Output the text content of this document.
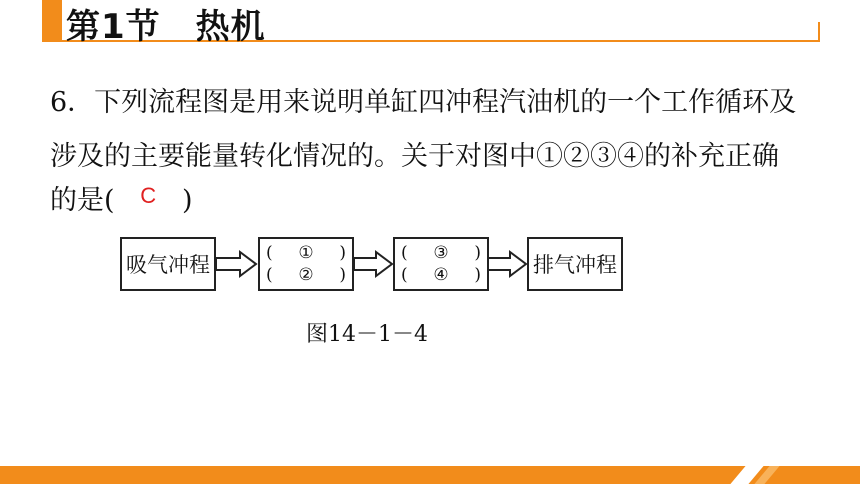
第1节　热机

6．下列流程图是用来说明单缸四冲程汽油机的一个工作循环及

涉及的主要能量转化情况的。关于对图中①②③④的补充正确

的是( $^C$ )

吸气冲程	(	①	)
(	②	)
(	③	)
(	④	) 排气冲程

图14－1－4
